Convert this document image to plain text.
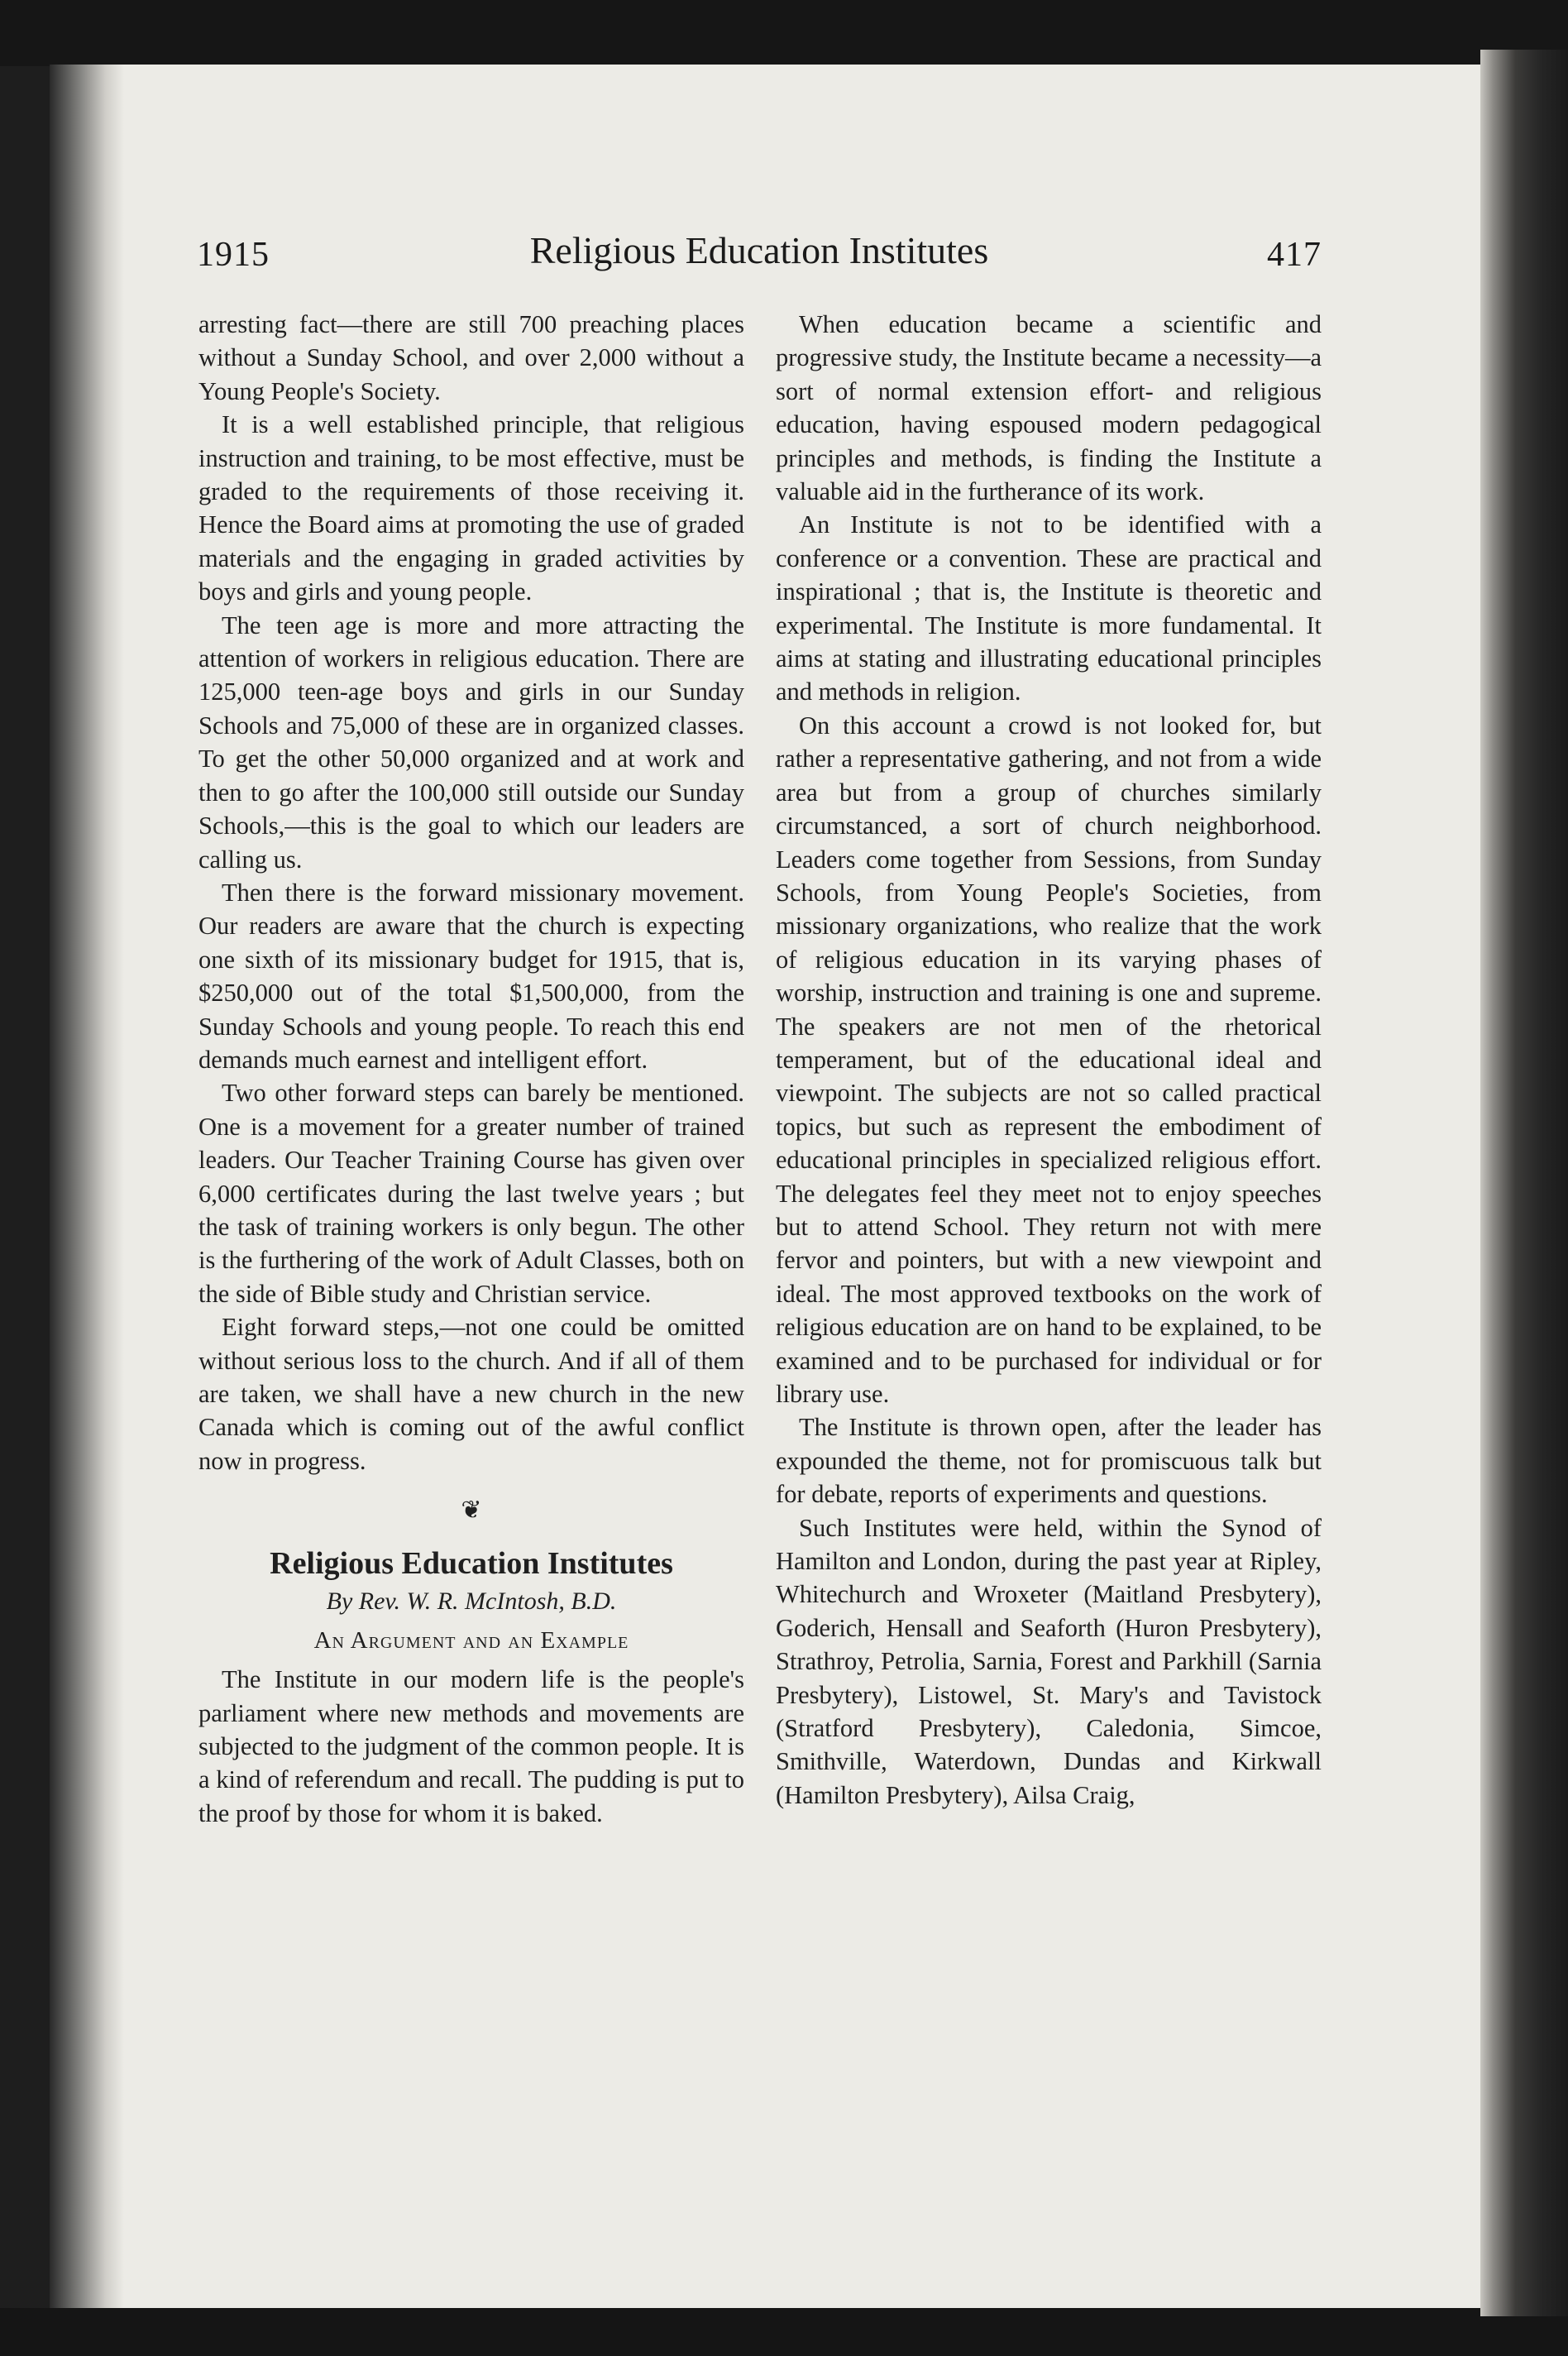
1915	Religious Education Institutes	417

arresting fact—there are still 700 preaching places without a Sunday School, and over 2,000 without a Young People's Society.

It is a well established principle, that religious instruction and training, to be most effective, must be graded to the requirements of those receiving it. Hence the Board aims at promoting the use of graded materials and the engaging in graded activities by boys and girls and young people.

The teen age is more and more attracting the attention of workers in religious education. There are 125,000 teen-age boys and girls in our Sunday Schools and 75,000 of these are in organized classes. To get the other 50,000 organized and at work and then to go after the 100,000 still outside our Sunday Schools,—this is the goal to which our leaders are calling us.

Then there is the forward missionary movement. Our readers are aware that the church is expecting one sixth of its missionary budget for 1915, that is, $250,000 out of the total $1,500,000, from the Sunday Schools and young people. To reach this end demands much earnest and intelligent effort.

Two other forward steps can barely be mentioned. One is a movement for a greater number of trained leaders. Our Teacher Training Course has given over 6,000 certificates during the last twelve years ; but the task of training workers is only begun. The other is the furthering of the work of Adult Classes, both on the side of Bible study and Christian service.

Eight forward steps,—not one could be omitted without serious loss to the church. And if all of them are taken, we shall have a new church in the new Canada which is coming out of the awful conflict now in progress.

❦
Religious Education Institutes
By Rev. W. R. McIntosh, B.D.
An Argument and an Example

The Institute in our modern life is the people's parliament where new methods and movements are subjected to the judgment of the common people. It is a kind of referendum and recall. The pudding is put to the proof by those for whom it is baked.

When education became a scientific and progressive study, the Institute became a necessity—a sort of normal extension effort- and religious education, having espoused modern pedagogical principles and methods, is finding the Institute a valuable aid in the furtherance of its work.

An Institute is not to be identified with a conference or a convention. These are practical and inspirational ; that is, the Institute is theoretic and experimental. The Institute is more fundamental. It aims at stating and illustrating educational principles and methods in religion.

On this account a crowd is not looked for, but rather a representative gathering, and not from a wide area but from a group of churches similarly circumstanced, a sort of church neighborhood. Leaders come together from Sessions, from Sunday Schools, from Young People's Societies, from missionary organizations, who realize that the work of religious education in its varying phases of worship, instruction and training is one and supreme. The speakers are not men of the rhetorical temperament, but of the educational ideal and viewpoint. The subjects are not so called practical topics, but such as represent the embodiment of educational principles in specialized religious effort. The delegates feel they meet not to enjoy speeches but to attend School. They return not with mere fervor and pointers, but with a new viewpoint and ideal. The most approved textbooks on the work of religious education are on hand to be explained, to be examined and to be purchased for individual or for library use.

The Institute is thrown open, after the leader has expounded the theme, not for promiscuous talk but for debate, reports of experiments and questions.

Such Institutes were held, within the Synod of Hamilton and London, during the past year at Ripley, Whitechurch and Wroxeter (Maitland Presbytery), Goderich, Hensall and Seaforth (Huron Presbytery), Strathroy, Petrolia, Sarnia, Forest and Parkhill (Sarnia Presbytery), Listowel, St. Mary's and Tavistock (Stratford Presbytery), Caledonia, Simcoe, Smithville, Waterdown, Dundas and Kirkwall (Hamilton Presbytery), Ailsa Craig,
